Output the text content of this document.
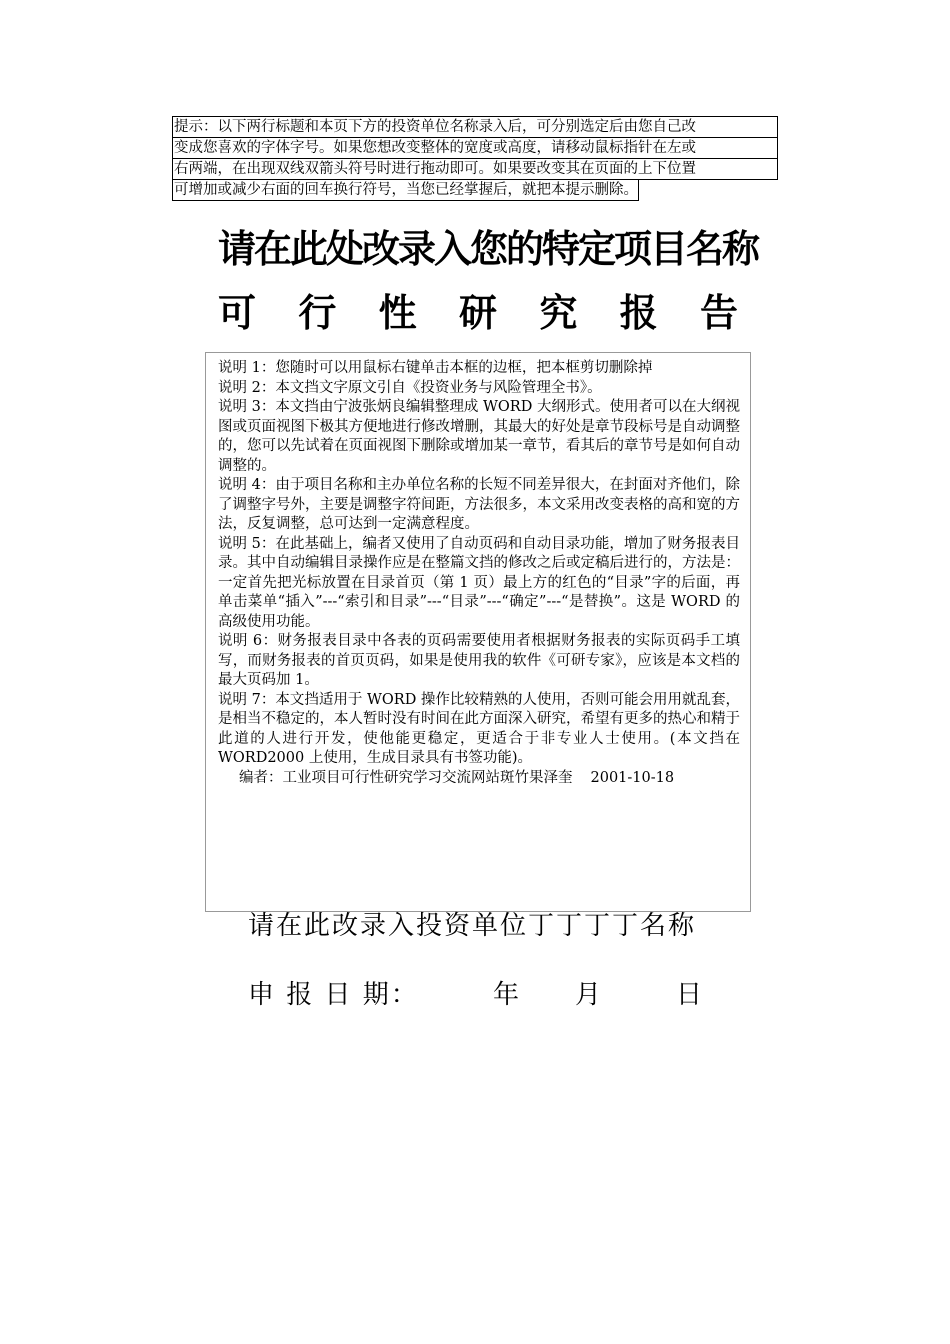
提示：以下两行标题和本页下方的投资单位名称录入后，可分别选定后由您自己改
变成您喜欢的字体字号。如果您想改变整体的宽度或高度，请移动鼠标指针在左或
右两端，在出现双线双箭头符号时进行拖动即可。如果要改变其在页面的上下位置
可增加或减少右面的回车换行符号，当您已经掌握后，就把本提示删除。
请在此处改录入您的特定项目名称
可 行 性 研 究 报 告

说明 1：您随时可以用鼠标右键单击本框的边框，把本框剪切删除掉

说明 2：本文挡文字原文引自《投资业务与风险管理全书》。

说明 3：本文挡由宁波张炳良编辑整理成 WORD 大纲形式。使用者可以在大纲视图或页面视图下极其方便地进行修改增删，其最大的好处是章节段标号是自动调整的，您可以先试着在页面视图下删除或增加某一章节，看其后的章节号是如何自动调整的。

说明 4：由于项目名称和主办单位名称的长短不同差异很大，在封面对齐他们，除了调整字号外，主要是调整字符间距，方法很多，本文采用改变表格的高和宽的方法，反复调整，总可达到一定满意程度。

说明 5：在此基础上，编者又使用了自动页码和自动目录功能，增加了财务报表目录。其中自动编辑目录操作应是在整篇文挡的修改之后或定稿后进行的，方法是：一定首先把光标放置在目录首页（第 1 页）最上方的红色的“目录”字的后面，再单击菜单“插入”---“索引和目录”---“目录”---“确定”---“是替换”。这是 WORD 的高级使用功能。

说明 6：财务报表目录中各表的页码需要使用者根据财务报表的实际页码手工填写，而财务报表的首页页码，如果是使用我的软件《可研专家》，应该是本文档的最大页码加 1。

说明 7：本文挡适用于 WORD 操作比较精熟的人使用，否则可能会用用就乱套，是相当不稳定的，本人暂时没有时间在此方面深入研究，希望有更多的热心和精于此道的人进行开发，使他能更稳定，更适合于非专业人士使用。(本文挡在 WORD2000 上使用，生成目录具有书签功能)。

编者：工业项目可行性研究学习交流网站斑竹果泽奎 2001-10-18

请在此改录入投资单位丁丁丁丁名称
申 报 日 期：	年 月	日
